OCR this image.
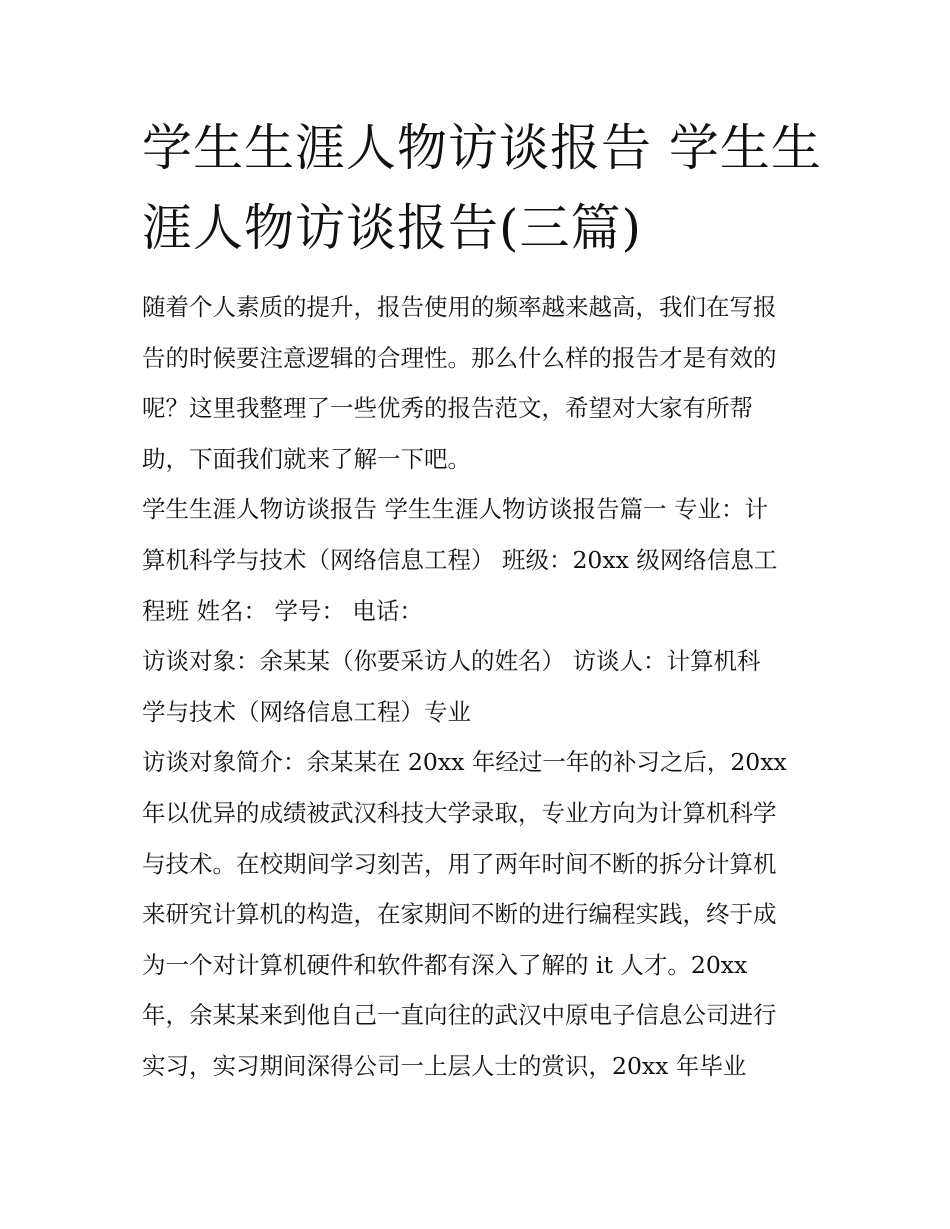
学生生涯人物访谈报告 学生生
涯人物访谈报告(三篇)
随着个人素质的提升，报告使用的频率越来越高，我们在写报
告的时候要注意逻辑的合理性。那么什么样的报告才是有效的
呢？这里我整理了一些优秀的报告范文，希望对大家有所帮
助，下面我们就来了解一下吧。
学生生涯人物访谈报告 学生生涯人物访谈报告篇一 专业：计
算机科学与技术（网络信息工程） 班级：20xx 级网络信息工
程班 姓名： 学号： 电话：
访谈对象：余某某（你要采访人的姓名） 访谈人：计算机科
学与技术（网络信息工程）专业
访谈对象简介：余某某在 20xx 年经过一年的补习之后，20xx
年以优异的成绩被武汉科技大学录取，专业方向为计算机科学
与技术。在校期间学习刻苦，用了两年时间不断的拆分计算机
来研究计算机的构造，在家期间不断的进行编程实践，终于成
为一个对计算机硬件和软件都有深入了解的 it 人才。20xx
年，余某某来到他自己一直向往的武汉中原电子信息公司进行
实习，实习期间深得公司一上层人士的赏识，20xx 年毕业
